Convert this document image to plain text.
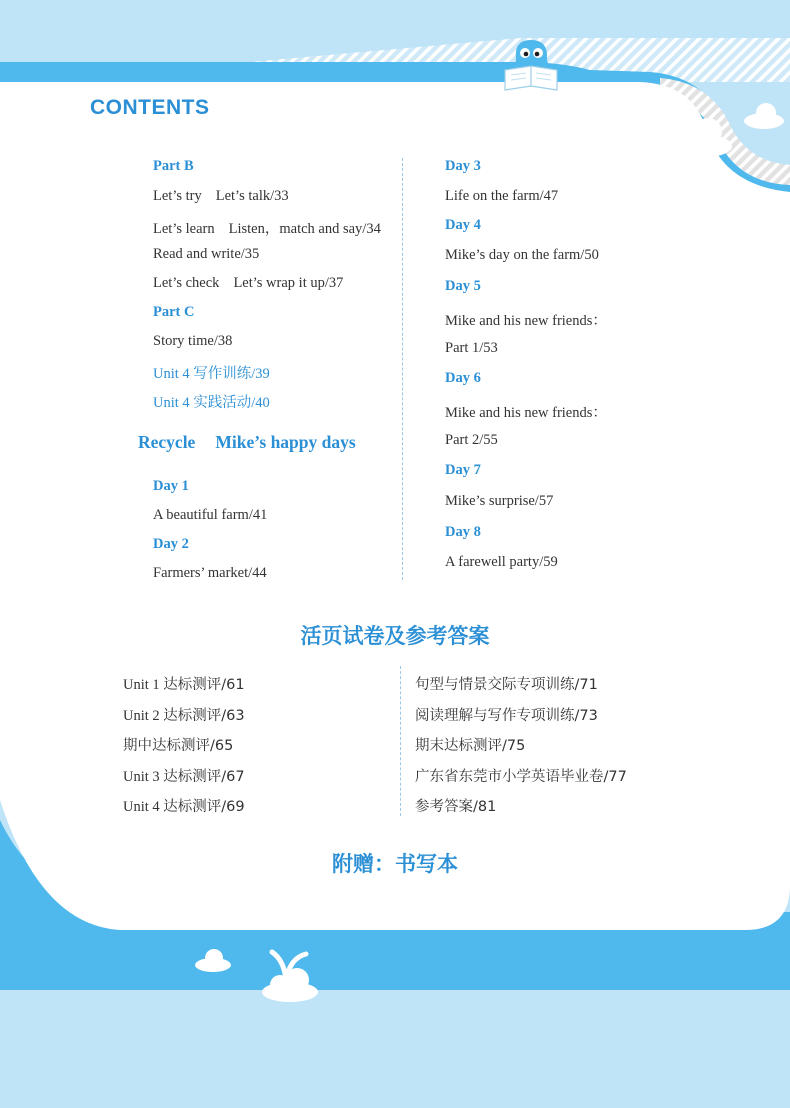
CONTENTS
Part B
Let’s try Let’s talk/33
Let’s learn Listen，match and say/34
Read and write/35
Let’s check Let’s wrap it up/37
Part C
Story time/38
Unit 4 写作训练/39
Unit 4 实践活动/40
Recycle Mike’s happy days
Day 1
A beautiful farm/41
Day 2
Farmers’ market/44
Day 3
Life on the farm/47
Day 4
Mike’s day on the farm/50
Day 5
Mike and his new friends：
Part 1/53
Day 6
Mike and his new friends：
Part 2/55
Day 7
Mike’s surprise/57
Day 8
A farewell party/59
活页试卷及参考答案
Unit 1 达标测评/61
Unit 2 达标测评/63
期中达标测评/65
Unit 3 达标测评/67
Unit 4 达标测评/69
句型与情景交际专项训练/71
阅读理解与写作专项训练/73
期末达标测评/75
广东省东莞市小学英语毕业卷/77
参考答案/81
附赠：书写本
